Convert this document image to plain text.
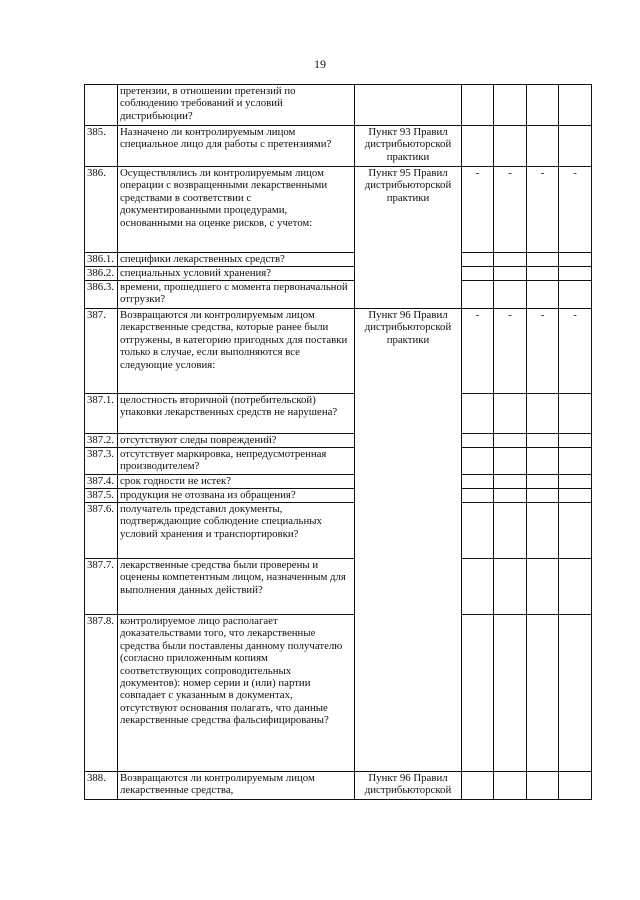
19
	претензии, в отношении претензий по соблюдению требований и условий дистрибьюции?					
385.	Назначено ли контролируемым лицом специальное лицо для работы с претензиями?	Пункт 93 Правил дистрибьюторской практики				
386.	Осуществлялись ли контролируемым лицом операции с возвращенными лекарственными средствами в соответствии с документированными процедурами, основанными на оценке рисков, с учетом:	Пункт 95 Правил дистрибьюторской практики	-	-	-	-
386.1.	специфики лекарственных средств?					
386.2.	специальных условий хранения?					
386.3.	времени, прошедшего с момента первоначальной отгрузки?					
387.	Возвращаются ли контролируемым лицом лекарственные средства, которые ранее были отгружены, в категорию пригодных для поставки только в случае, если выполняются все следующие условия:	Пункт 96 Правил дистрибьюторской практики	-	-	-	-
387.1.	целостность вторичной (потребительской) упаковки лекарственных средств не нарушена?					
387.2.	отсутствуют следы повреждений?					
387.3.	отсутствует маркировка, непредусмотренная производителем?					
387.4.	срок годности не истек?					
387.5.	продукция не отозвана из обращения?					
387.6.	получатель представил документы, подтверждающие соблюдение специальных условий хранения и транспортировки?					
387.7.	лекарственные средства были проверены и оценены компетентным лицом, назначенным для выполнения данных действий?					
387.8.	контролируемое лицо располагает доказательствами того, что лекарственные средства были поставлены данному получателю (согласно приложенным копиям соответствующих сопроводительных документов): номер серии и (или) партии совпадает с указанным в документах, отсутствуют основания полагать, что данные лекарственные средства фальсифицированы?					
388.	Возвращаются ли контролируемым лицом лекарственные средства,	Пункт 96 Правил дистрибьюторской				
